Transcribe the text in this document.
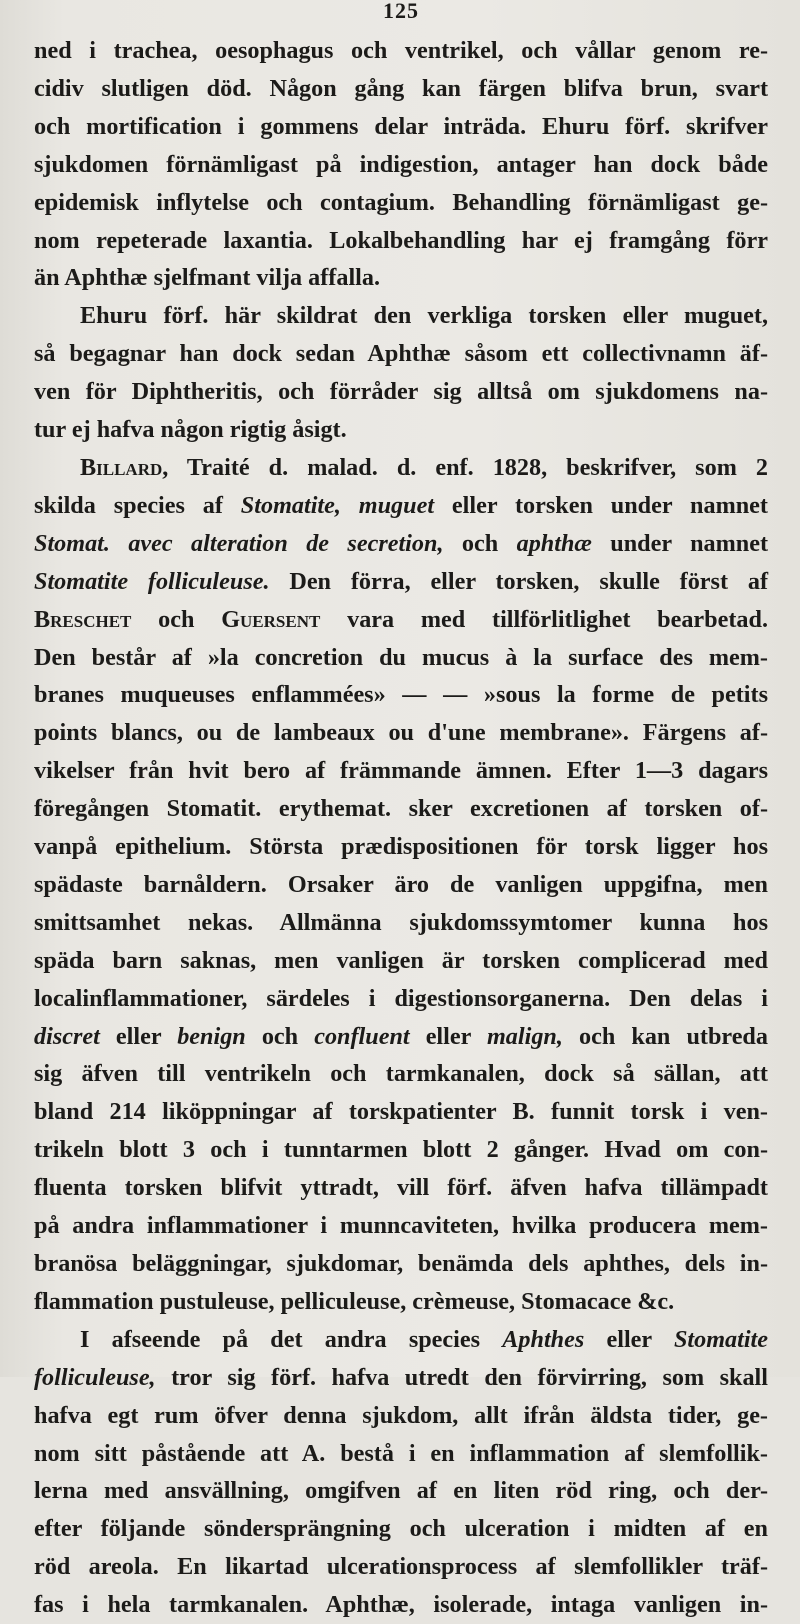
125

ned i trachea, oesophagus och ventrikel, och vållar genom re-
cidiv slutligen död. Någon gång kan färgen blifva brun, svart
och mortification i gommens delar inträda. Ehuru förf. skrifver
sjukdomen förnämligast på indigestion, antager han dock både
epidemisk inflytelse och contagium. Behandling förnämligast ge-
nom repeterade laxantia. Lokalbehandling har ej framgång förr
än Aphthæ sjelfmant vilja affalla.

Ehuru förf. här skildrat den verkliga torsken eller muguet,
så begagnar han dock sedan Aphthæ såsom ett collectivnamn äf-
ven för Diphtheritis, och förråder sig alltså om sjukdomens na-
tur ej hafva någon rigtig åsigt.

Billard, Traité d. malad. d. enf. 1828, beskrifver, som 2
skilda species af Stomatite, muguet eller torsken under namnet
Stomat. avec alteration de secretion, och aphthæ under namnet
Stomatite folliculeuse. Den förra, eller torsken, skulle först af
Breschet och Guersent vara med tillförlitlighet bearbetad.
Den består af »la concretion du mucus à la surface des mem-
branes muqueuses enflammées» — — »sous la forme de petits
points blancs, ou de lambeaux ou d'une membrane». Färgens af-
vikelser från hvit bero af främmande ämnen. Efter 1—3 dagars
föregången Stomatit. erythemat. sker excretionen af torsken of-
vanpå epithelium. Största prædispositionen för torsk ligger hos
spädaste barnåldern. Orsaker äro de vanligen uppgifna, men
smittsamhet nekas. Allmänna sjukdomssymtomer kunna hos
späda barn saknas, men vanligen är torsken complicerad med
localinflammationer, särdeles i digestionsorganerna. Den delas i
discret eller benign och confluent eller malign, och kan utbreda
sig äfven till ventrikeln och tarmkanalen, dock så sällan, att
bland 214 liköppningar af torskpatienter B. funnit torsk i ven-
trikeln blott 3 och i tunntarmen blott 2 gånger. Hvad om con-
fluenta torsken blifvit yttradt, vill förf. äfven hafva tillämpadt
på andra inflammationer i munncaviteten, hvilka producera mem-
branösa beläggningar, sjukdomar, benämda dels aphthes, dels in-
flammation pustuleuse, pelliculeuse, crèmeuse, Stomacace &c.

I afseende på det andra species Aphthes eller Stomatite
folliculeuse, tror sig förf. hafva utredt den förvirring, som skall
hafva egt rum öfver denna sjukdom, allt ifrån äldsta tider, ge-
nom sitt påstående att A. bestå i en inflammation af slemfollik-
lerna med ansvällning, omgifven af en liten röd ring, och der-
efter följande söndersprängning och ulceration i midten af en
röd areola. En likartad ulcerationsprocess af slemfollikler träf-
fas i hela tarmkanalen. Aphthæ, isolerade, intaga vanligen in-
